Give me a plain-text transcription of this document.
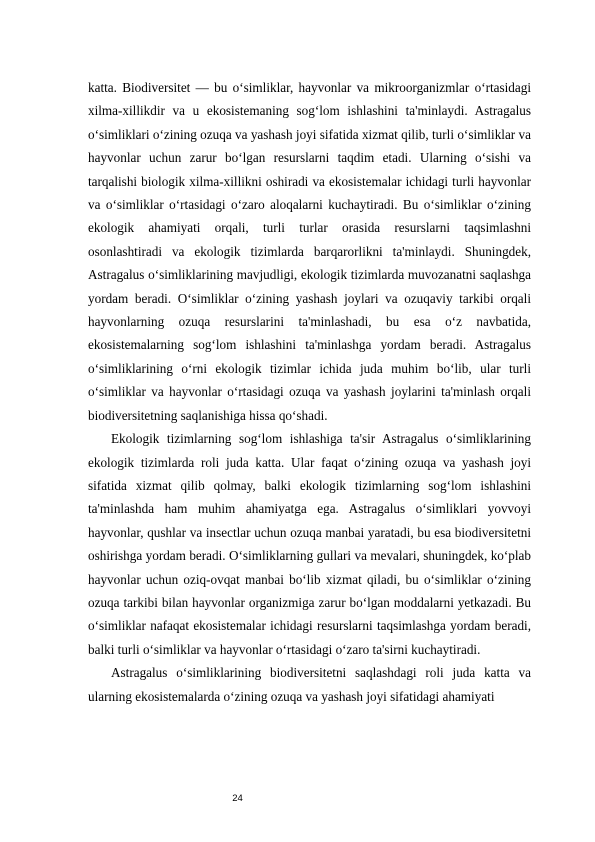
katta. Biodiversitet — bu o‘simliklar, hayvonlar va mikroorganizmlar o‘rtasidagi xilma-xillikdir va u ekosistemaning sog‘lom ishlashini ta'minlaydi. Astragalus o‘simliklari o‘zining ozuqa va yashash joyi sifatida xizmat qilib, turli o‘simliklar va hayvonlar uchun zarur bo‘lgan resurslarni taqdim etadi. Ularning o‘sishi va tarqalishi biologik xilma-xillikni oshiradi va ekosistemalar ichidagi turli hayvonlar va o‘simliklar o‘rtasidagi o‘zaro aloqalarni kuchaytiradi. Bu o‘simliklar o‘zining ekologik ahamiyati orqali, turli turlar orasida resurslarni taqsimlashni osonlashtiradi va ekologik tizimlarda barqarorlikni ta'minlaydi. Shuningdek, Astragalus o‘simliklarining mavjudligi, ekologik tizimlarda muvozanatni saqlashga yordam beradi. O‘simliklar o‘zining yashash joylari va ozuqaviy tarkibi orqali hayvonlarning ozuqa resurslarini ta'minlashadi, bu esa o‘z navbatida, ekosistemalarning sog‘lom ishlashini ta'minlashga yordam beradi. Astragalus o‘simliklarining o‘rni ekologik tizimlar ichida juda muhim bo‘lib, ular turli o‘simliklar va hayvonlar o‘rtasidagi ozuqa va yashash joylarini ta'minlash orqali biodiversitetning saqlanishiga hissa qo‘shadi.

Ekologik tizimlarning sog‘lom ishlashiga ta'sir Astragalus o‘simliklarining ekologik tizimlarda roli juda katta. Ular faqat o‘zining ozuqa va yashash joyi sifatida xizmat qilib qolmay, balki ekologik tizimlarning sog‘lom ishlashini ta'minlashda ham muhim ahamiyatga ega. Astragalus o‘simliklari yovvoyi hayvonlar, qushlar va insectlar uchun ozuqa manbai yaratadi, bu esa biodiversitetni oshirishga yordam beradi. O‘simliklarning gullari va mevalari, shuningdek, ko‘plab hayvonlar uchun oziq-ovqat manbai bo‘lib xizmat qiladi, bu o‘simliklar o‘zining ozuqa tarkibi bilan hayvonlar organizmiga zarur bo‘lgan moddalarni yetkazadi. Bu o‘simliklar nafaqat ekosistemalar ichidagi resurslarni taqsimlashga yordam beradi, balki turli o‘simliklar va hayvonlar o‘rtasidagi o‘zaro ta'sirni kuchaytiradi.

Astragalus o‘simliklarining biodiversitetni saqlashdagi roli juda katta va ularning ekosistemalarda o‘zining ozuqa va yashash joyi sifatidagi ahamiyati

24
